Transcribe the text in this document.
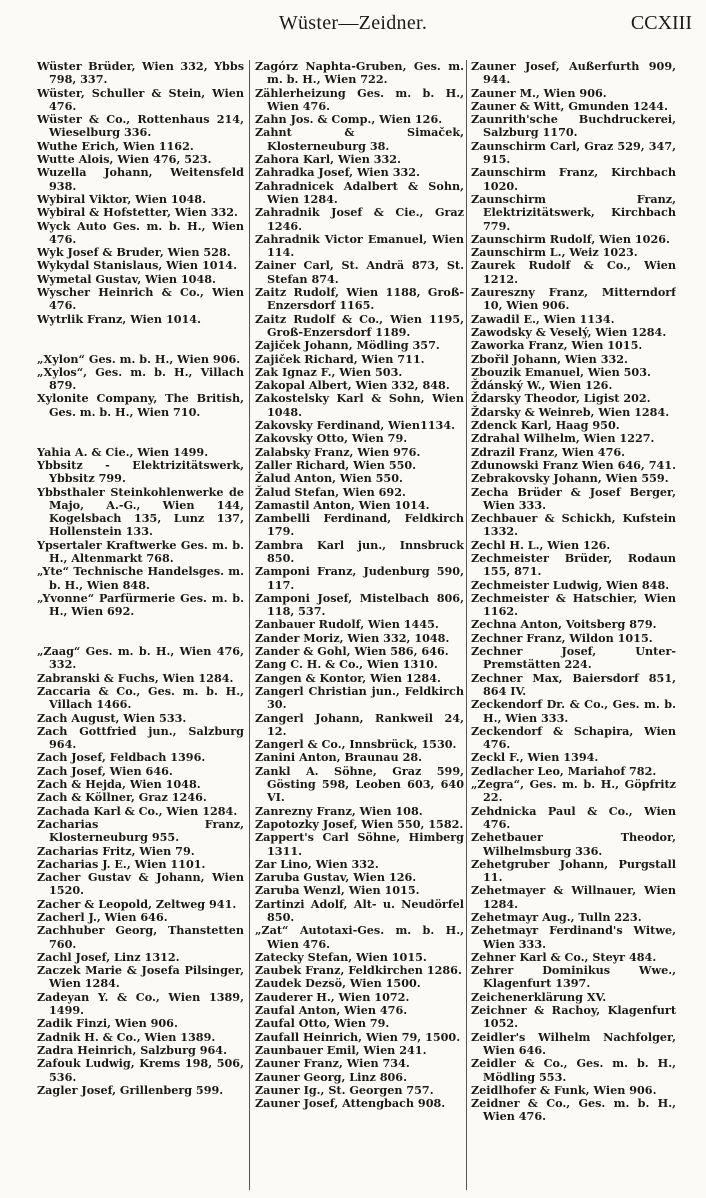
Wüster—Zeidner.	CCXIII
Wüster Brüder, Wien 332, Ybbs 798, 337.
Wüster, Schuller & Stein, Wien 476.
Wüster & Co., Rottenhaus 214, Wieselburg 336.
Wuthe Erich, Wien 1162.
Wutte Alois, Wien 476, 523.
Wuzella Johann, Weitensfeld 938.
Wybiral Viktor, Wien 1048.
Wybiral & Hofstetter, Wien 332.
Wyck Auto Ges. m. b. H., Wien 476.
Wyk Josef & Bruder, Wien 528.
Wykydal Stanislaus, Wien 1014.
Wymetal Gustav, Wien 1048.
Wyscher Heinrich & Co., Wien 476.
Wytrlik Franz, Wien 1014.
„Xylon“ Ges. m. b. H., Wien 906.
„Xylos“, Ges. m. b. H., Villach 879.
Xylonite Company, The British, Ges. m. b. H., Wien 710.
Yahia A. & Cie., Wien 1499.
Ybbsitz - Elektrizitätswerk, Ybbsitz 799.
Ybbsthaler Steinkohlenwerke de Majo, A.-G., Wien 144, Kogelsbach 135, Lunz 137, Hollenstein 133.
Ypsertaler Kraftwerke Ges. m. b. H., Altenmarkt 768.
„Yte“ Technische Handelsges. m. b. H., Wien 848.
„Yvonne“ Parfürmerie Ges. m. b. H., Wien 692.
„Zaag“ Ges. m. b. H., Wien 476, 332.
Zabranski & Fuchs, Wien 1284.
Zaccaria & Co., Ges. m. b. H., Villach 1466.
Zach August, Wien 533.
Zach Gottfried jun., Salzburg 964.
Zach Josef, Feldbach 1396.
Zach Josef, Wien 646.
Zach & Hejda, Wien 1048.
Zach & Köllner, Graz 1246.
Zachada Karl & Co., Wien 1284.
Zacharias Franz, Klosterneuburg 955.
Zacharias Fritz, Wien 79.
Zacharias J. E., Wien 1101.
Zacher Gustav & Johann, Wien 1520.
Zacher & Leopold, Zeltweg 941.
Zacherl J., Wien 646.
Zachhuber Georg, Thanstetten 760.
Zachl Josef, Linz 1312.
Zaczek Marie & Josefa Pilsinger, Wien 1284.
Zadeyan Y. & Co., Wien 1389, 1499.
Zadik Finzi, Wien 906.
Zadnik H. & Co., Wien 1389.
Zadra Heinrich, Salzburg 964.
Zafouk Ludwig, Krems 198, 506, 536.
Zagler Josef, Grillenberg 599.
Zagórz Naphta-Gruben, Ges. m. m. b. H., Wien 722.
Zählerheizung Ges. m. b. H., Wien 476.
Zahn Jos. & Comp., Wien 126.
Zahnt & Simaček, Klosterneuburg 38.
Zahora Karl, Wien 332.
Zahradka Josef, Wien 332.
Zahradnicek Adalbert & Sohn, Wien 1284.
Zahradnik Josef & Cie., Graz 1246.
Zahradnik Victor Emanuel, Wien 114.
Zainer Carl, St. Andrä 873, St. Stefan 874.
Zaitz Rudolf, Wien 1188, Groß-Enzersdorf 1165.
Zaitz Rudolf & Co., Wien 1195, Groß-Enzersdorf 1189.
Zajiček Johann, Mödling 357.
Zajiček Richard, Wien 711.
Zak Ignaz F., Wien 503.
Zakopal Albert, Wien 332, 848.
Zakostelsky Karl & Sohn, Wien 1048.
Zakovsky Ferdinand, Wien1134.
Zakovsky Otto, Wien 79.
Zalabsky Franz, Wien 976.
Zaller Richard, Wien 550.
Žalud Anton, Wien 550.
Žalud Stefan, Wien 692.
Zamastil Anton, Wien 1014.
Zambelli Ferdinand, Feldkirch 179.
Zambra Karl jun., Innsbruck 850.
Zamponi Franz, Judenburg 590, 117.
Zamponi Josef, Mistelbach 806, 118, 537.
Zanbauer Rudolf, Wien 1445.
Zander Moriz, Wien 332, 1048.
Zander & Gohl, Wien 586, 646.
Zang C. H. & Co., Wien 1310.
Zangen & Kontor, Wien 1284.
Zangerl Christian jun., Feldkirch 30.
Zangerl Johann, Rankweil 24, 12.
Zangerl & Co., Innsbrück, 1530.
Zanini Anton, Braunau 28.
Zankl A. Söhne, Graz 599, Gösting 598, Leoben 603, 640 VI.
Zanrezny Franz, Wien 108.
Zapotozky Josef, Wien 550, 1582.
Zappert's Carl Söhne, Himberg 1311.
Zar Lino, Wien 332.
Zaruba Gustav, Wien 126.
Zaruba Wenzl, Wien 1015.
Zartinzi Adolf, Alt- u. Neudörfel 850.
„Zat“ Autotaxi-Ges. m. b. H., Wien 476.
Zatecky Stefan, Wien 1015.
Zaubek Franz, Feldkirchen 1286.
Zaudek Dezsö, Wien 1500.
Zauderer H., Wien 1072.
Zaufal Anton, Wien 476.
Zaufal Otto, Wien 79.
Zaufall Heinrich, Wien 79, 1500.
Zaunbauer Emil, Wien 241.
Zauner Franz, Wien 734.
Zauner Georg, Linz 806.
Zauner Ig., St. Georgen 757.
Zauner Josef, Attengbach 908.
Zauner Josef, Außerfurth 909, 944.
Zauner M., Wien 906.
Zauner & Witt, Gmunden 1244.
Zaunrith'sche Buchdruckerei, Salzburg 1170.
Zaunschirm Carl, Graz 529, 347, 915.
Zaunschirm Franz, Kirchbach 1020.
Zaunschirm Franz, Elektrizitätswerk, Kirchbach 779.
Zaunschirm Rudolf, Wien 1026.
Zaunschirm L., Weiz 1023.
Zaurek Rudolf & Co., Wien 1212.
Zaureszny Franz, Mitterndorf 10, Wien 906.
Zawadil E., Wien 1134.
Zawodsky & Veselý, Wien 1284.
Zaworka Franz, Wien 1015.
Zbořil Johann, Wien 332.
Zbouzik Emanuel, Wien 503.
Ždánský W., Wien 126.
Ždarsky Theodor, Ligist 202.
Ždarsky & Weinreb, Wien 1284.
Zdenck Karl, Haag 950.
Zdrahal Wilhelm, Wien 1227.
Zdrazil Franz, Wien 476.
Zdunowski Franz Wien 646, 741.
Zebrakovsky Johann, Wien 559.
Zecha Brüder & Josef Berger, Wien 333.
Zechbauer & Schickh, Kufstein 1332.
Zechl H. L., Wien 126.
Zechmeister Brüder, Rodaun 155, 871.
Zechmeister Ludwig, Wien 848.
Zechmeister & Hatschier, Wien 1162.
Zechna Anton, Voitsberg 879.
Zechner Franz, Wildon 1015.
Zechner Josef, Unter-Premstätten 224.
Zechner Max, Baiersdorf 851, 864 IV.
Zeckendorf Dr. & Co., Ges. m. b. H., Wien 333.
Zeckendorf & Schapira, Wien 476.
Zeckl F., Wien 1394.
Zedlacher Leo, Mariahof 782.
„Zegra“, Ges. m. b. H., Göpfritz 22.
Zehdnicka Paul & Co., Wien 476.
Zehetbauer Theodor, Wilhelmsburg 336.
Zehetgruber Johann, Purgstall 11.
Zehetmayer & Willnauer, Wien 1284.
Zehetmayr Aug., Tulln 223.
Zehetmayr Ferdinand's Witwe, Wien 333.
Zehner Karl & Co., Steyr 484.
Zehrer Dominikus Wwe., Klagenfurt 1397.
Zeichenerklärung XV.
Zeichner & Rachoy, Klagenfurt 1052.
Zeidler's Wilhelm Nachfolger, Wien 646.
Zeidler & Co., Ges. m. b. H., Mödling 553.
Zeidlhofer & Funk, Wien 906.
Zeidner & Co., Ges. m. b. H., Wien 476.
